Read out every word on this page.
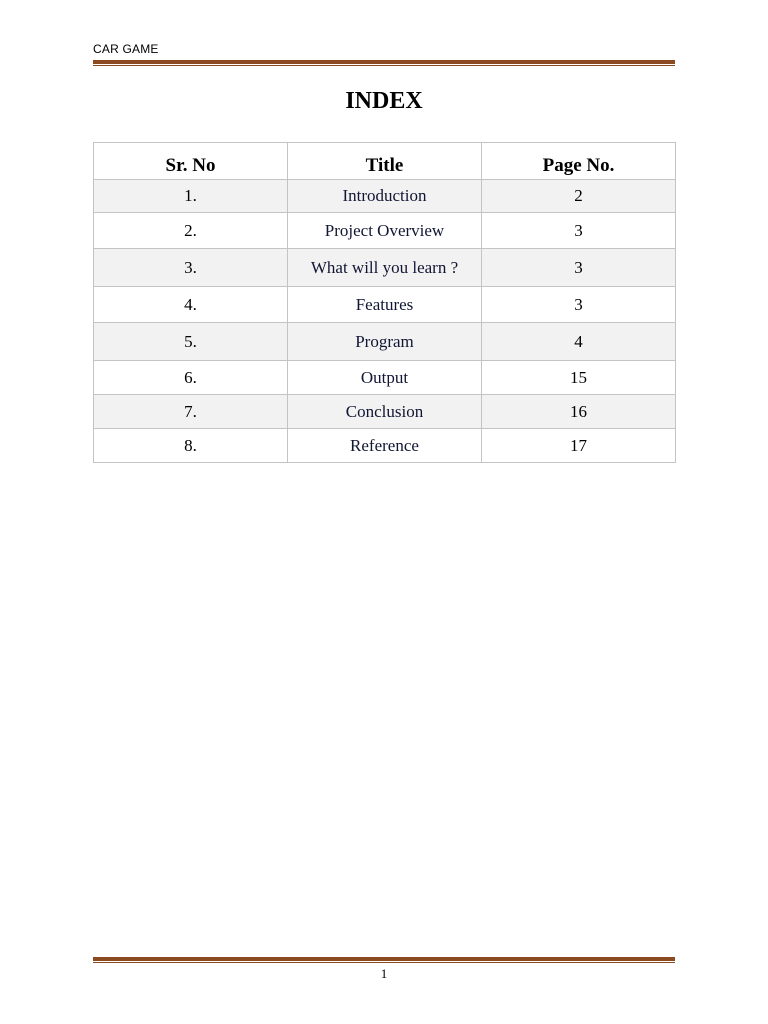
CAR GAME
INDEX
Sr. No	Title	Page No.
1.	Introduction	2
2.	Project Overview	3
3.	What will you learn ?	3
4.	Features	3
5.	Program	4
6.	Output	15
7.	Conclusion	16
8.	Reference	17
1
